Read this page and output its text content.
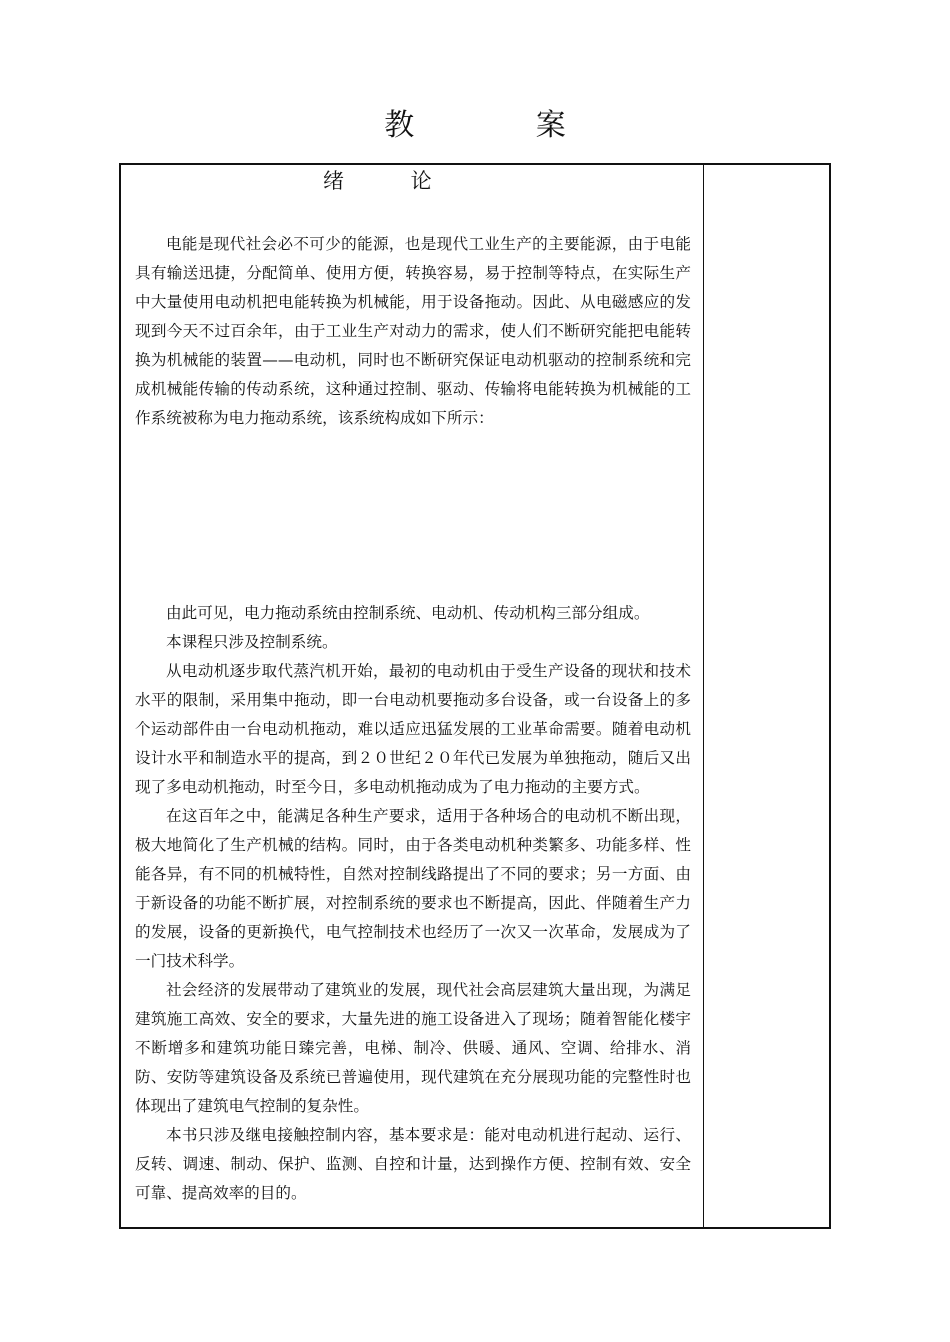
教 案
绪 论

电能是现代社会必不可少的能源，也是现代工业生产的主要能源，由于电能具有输送迅捷，分配简单、使用方便，转换容易，易于控制等特点，在实际生产中大量使用电动机把电能转换为机械能，用于设备拖动。因此、从电磁感应的发现到今天不过百余年，由于工业生产对动力的需求，使人们不断研究能把电能转换为机械能的装置——电动机，同时也不断研究保证电动机驱动的控制系统和完成机械能传输的传动系统，这种通过控制、驱动、传输将电能转换为机械能的工作系统被称为电力拖动系统，该系统构成如下所示：

由此可见，电力拖动系统由控制系统、电动机、传动机构三部分组成。

本课程只涉及控制系统。

从电动机逐步取代蒸汽机开始，最初的电动机由于受生产设备的现状和技术水平的限制，采用集中拖动，即一台电动机要拖动多台设备，或一台设备上的多个运动部件由一台电动机拖动，难以适应迅猛发展的工业革命需要。随着电动机设计水平和制造水平的提高，到２０世纪２０年代已发展为单独拖动，随后又出现了多电动机拖动，时至今日，多电动机拖动成为了电力拖动的主要方式。

在这百年之中，能满足各种生产要求，适用于各种场合的电动机不断出现，极大地简化了生产机械的结构。同时，由于各类电动机种类繁多、功能多样、性能各异，有不同的机械特性，自然对控制线路提出了不同的要求；另一方面、由于新设备的功能不断扩展，对控制系统的要求也不断提高，因此、伴随着生产力的发展，设备的更新换代，电气控制技术也经历了一次又一次革命，发展成为了一门技术科学。

社会经济的发展带动了建筑业的发展，现代社会高层建筑大量出现，为满足建筑施工高效、安全的要求，大量先进的施工设备进入了现场；随着智能化楼宇不断增多和建筑功能日臻完善，电梯、制冷、供暖、通风、空调、给排水、消防、安防等建筑设备及系统已普遍使用，现代建筑在充分展现功能的完整性时也体现出了建筑电气控制的复杂性。

本书只涉及继电接触控制内容，基本要求是：能对电动机进行起动、运行、反转、调速、制动、保护、监测、自控和计量，达到操作方便、控制有效、安全可靠、提高效率的目的。
